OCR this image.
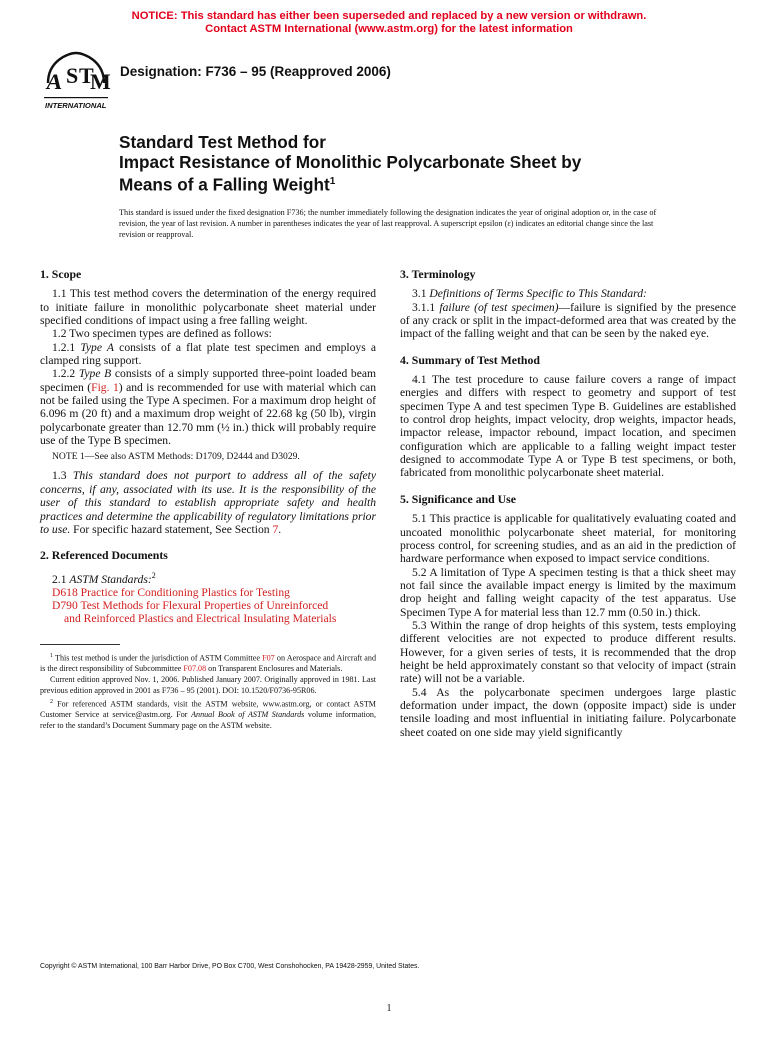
NOTICE: This standard has either been superseded and replaced by a new version or withdrawn.
Contact ASTM International (www.astm.org) for the latest information
A S T
M
INTERNATIONAL
Designation: F736 – 95 (Reapproved 2006)
Standard Test Method for
Impact Resistance of Monolithic Polycarbonate Sheet by
Means of a Falling Weight$^1$
This standard is issued under the fixed designation F736; the number immediately following the designation indicates the year of original adoption or, in the case of revision, the year of last revision. A number in parentheses indicates the year of last reapproval. A superscript epsilon (ε) indicates an editorial change since the last revision or reapproval.
1. Scope

1.1 This test method covers the determination of the energy required to initiate failure in monolithic polycarbonate sheet material under specified conditions of impact using a free falling weight.

1.2 Two specimen types are defined as follows:

1.2.1 Type A consists of a flat plate test specimen and employs a clamped ring support.

1.2.2 Type B consists of a simply supported three-point loaded beam specimen (Fig. 1) and is recommended for use with material which can not be failed using the Type A specimen. For a maximum drop height of 6.096 m (20 ft) and a maximum drop weight of 22.68 kg (50 lb), virgin polycarbonate greater than 12.70 mm (½ in.) thick will probably require use of the Type B specimen.

NOTE 1—See also ASTM Methods: D1709, D2444 and D3029.

1.3 This standard does not purport to address all of the safety concerns, if any, associated with its use. It is the responsibility of the user of this standard to establish appropriate safety and health practices and determine the applicability of regulatory limitations prior to use. For specific hazard statement, See Section 7.

2. Referenced Documents

2.1 ASTM Standards:$^2$

D618 Practice for Conditioning Plastics for Testing

D790 Test Methods for Flexural Properties of Unreinforced

and Reinforced Plastics and Electrical Insulating Materials

$^1$ This test method is under the jurisdiction of ASTM Committee F07 on Aerospace and Aircraft and is the direct responsibility of Subcommittee F07.08 on Transparent Enclosures and Materials.

Current edition approved Nov. 1, 2006. Published January 2007. Originally approved in 1981. Last previous edition approved in 2001 as F736 – 95 (2001). DOI: 10.1520/F0736-95R06.

$^2$ For referenced ASTM standards, visit the ASTM website, www.astm.org, or contact ASTM Customer Service at service@astm.org. For Annual Book of ASTM Standards volume information, refer to the standard’s Document Summary page on the ASTM website.

3. Terminology

3.1 Definitions of Terms Specific to This Standard:

3.1.1 failure (of test specimen)—failure is signified by the presence of any crack or split in the impact-deformed area that was created by the impact of the falling weight and that can be seen by the naked eye.

4. Summary of Test Method

4.1 The test procedure to cause failure covers a range of impact energies and differs with respect to geometry and support of test specimen Type A and test specimen Type B. Guidelines are established to control drop heights, impact velocity, drop weights, impactor heads, impactor release, impactor rebound, impact location, and specimen configuration which are applicable to a falling weight impact tester designed to accommodate Type A or Type B test specimens, or both, fabricated from monolithic polycarbonate sheet material.

5. Significance and Use

5.1 This practice is applicable for qualitatively evaluating coated and uncoated monolithic polycarbonate sheet material, for monitoring process control, for screening studies, and as an aid in the prediction of hardware performance when exposed to impact service conditions.

5.2 A limitation of Type A specimen testing is that a thick sheet may not fail since the available impact energy is limited by the maximum drop height and falling weight capacity of the test apparatus. Use Specimen Type A for material less than 12.7 mm (0.50 in.) thick.

5.3 Within the range of drop heights of this system, tests employing different velocities are not expected to produce different results. However, for a given series of tests, it is recommended that the drop height be held approximately constant so that velocity of impact (strain rate) will not be a variable.

5.4 As the polycarbonate specimen undergoes large plastic deformation under impact, the down (opposite impact) side is under tensile loading and most influential in initiating failure. Polycarbonate sheet coated on one side may yield significantly

Copyright © ASTM International, 100 Barr Harbor Drive, PO Box C700, West Conshohocken, PA 19428-2959, United States.
1
